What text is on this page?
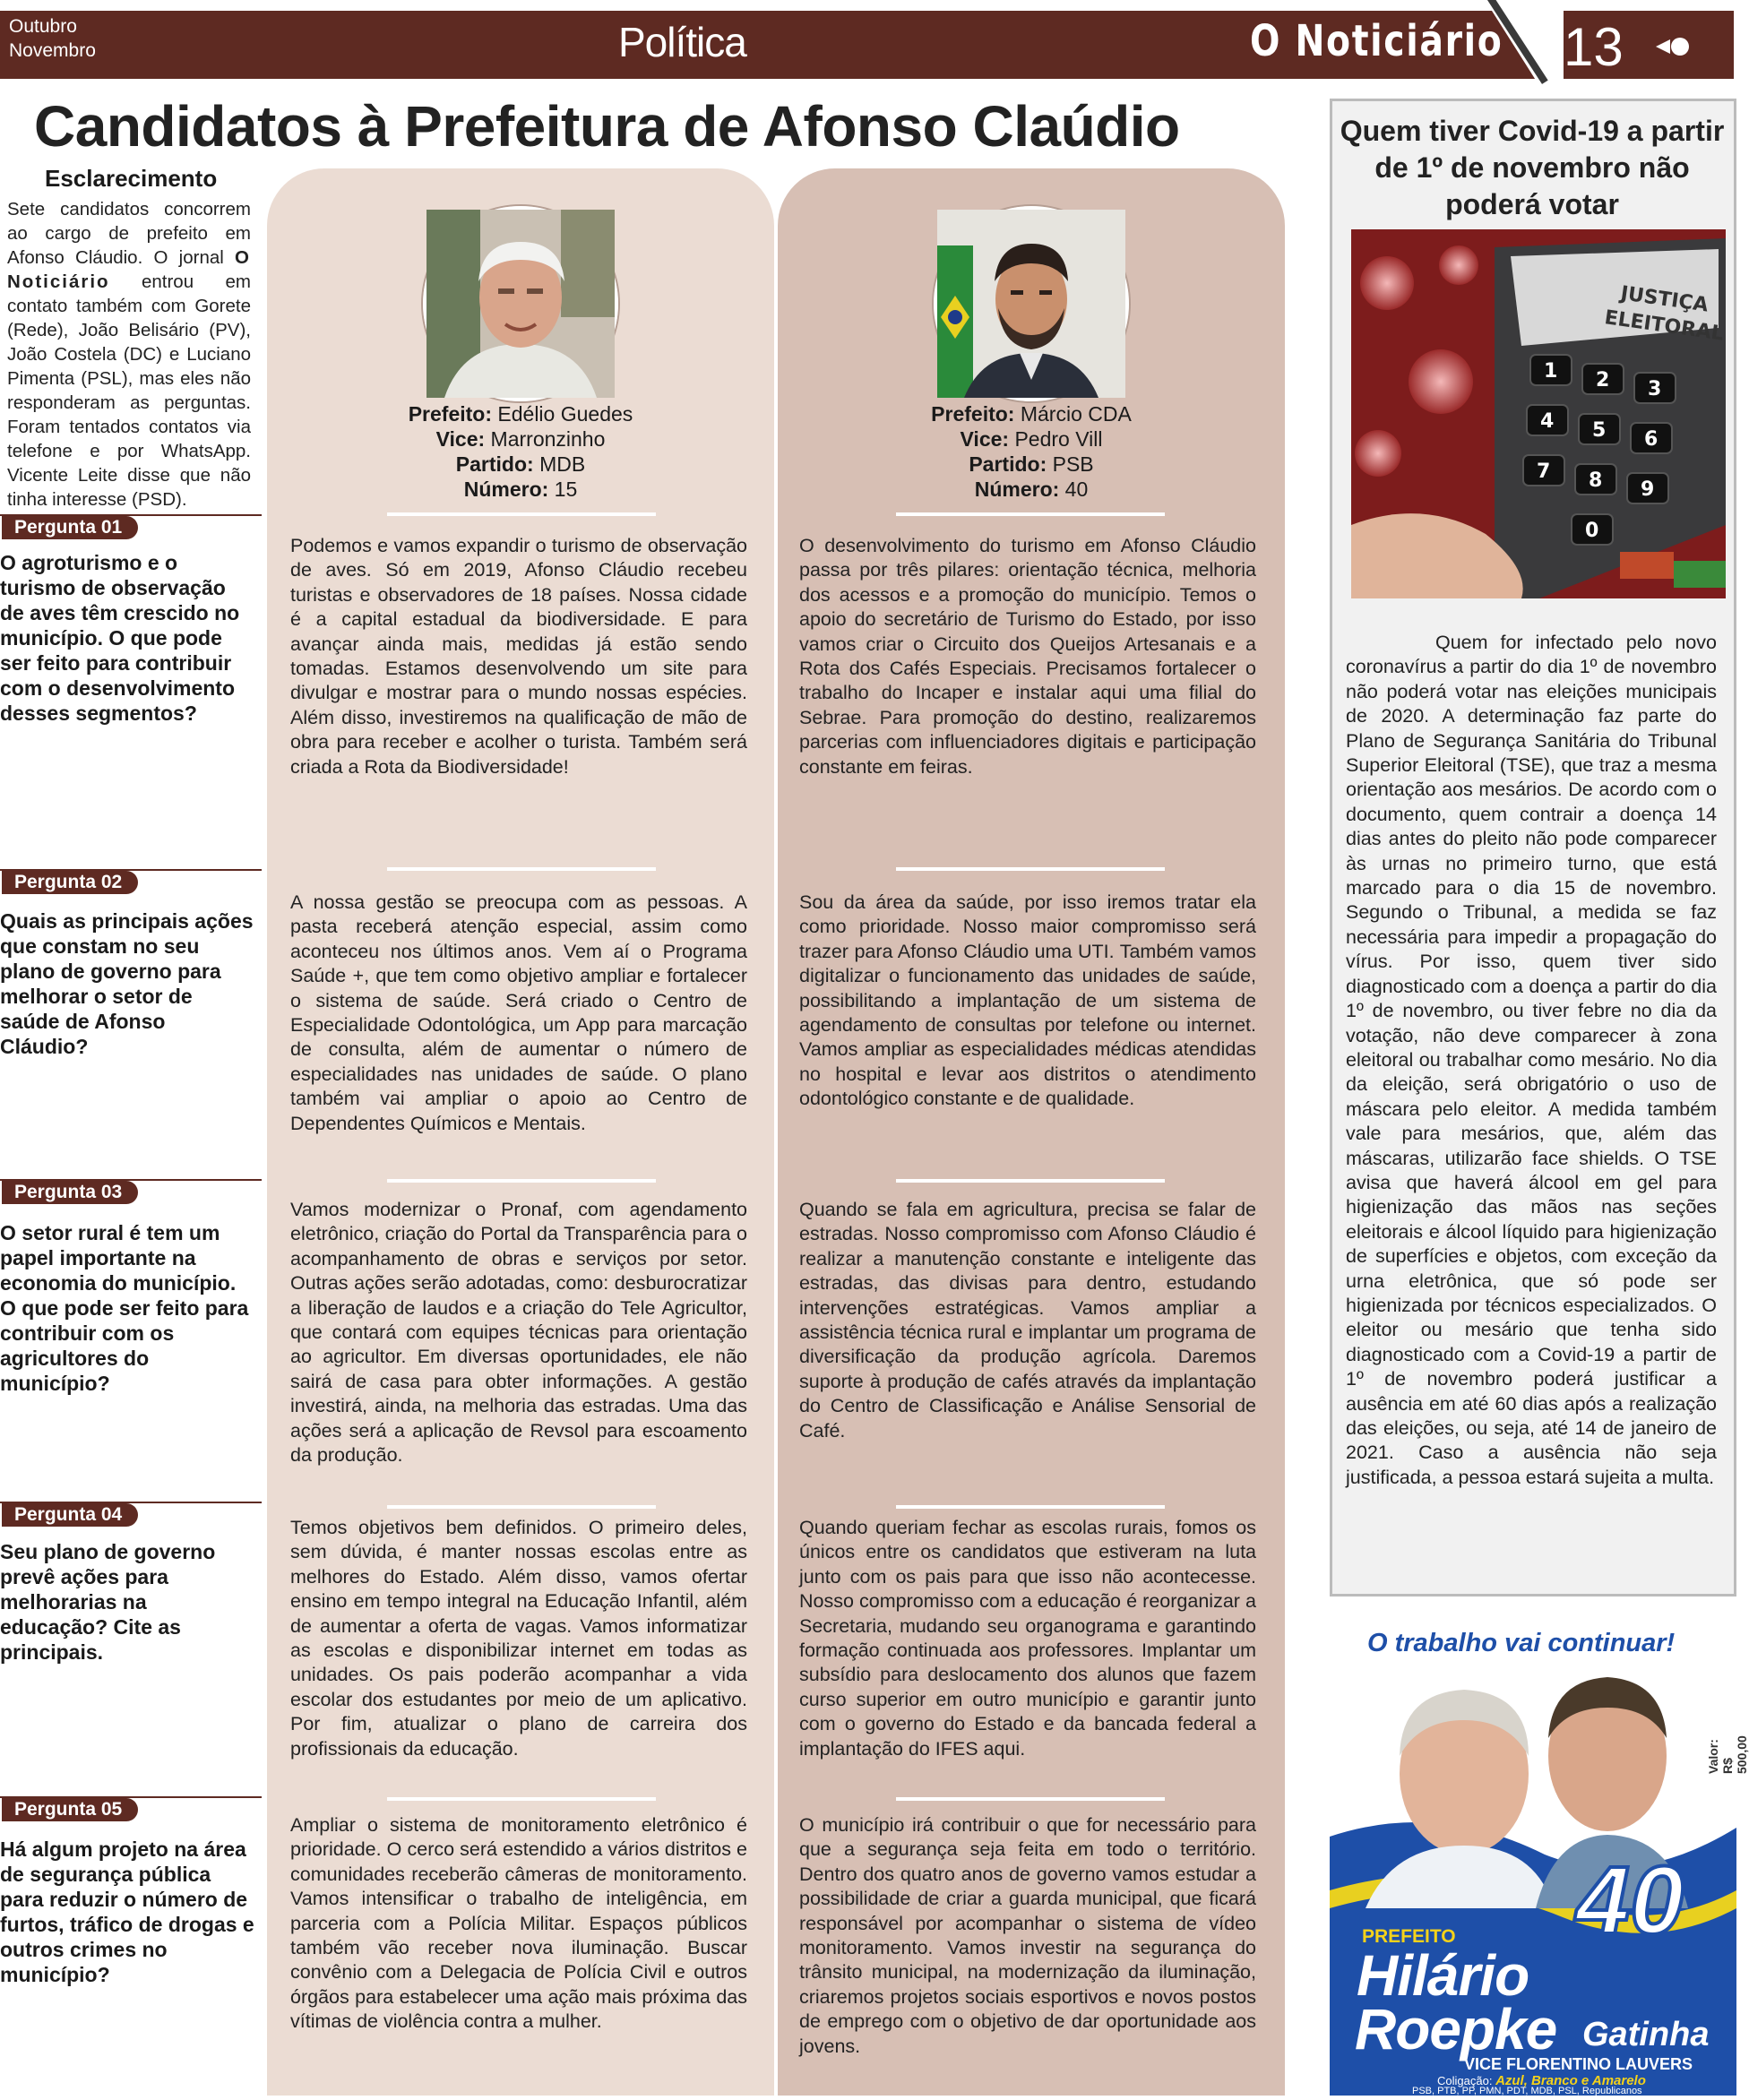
Outubro
Novembro	Política	O Noticiário 13
Candidatos à Prefeitura de Afonso Claúdio
Esclarecimento
Sete candidatos concorrem ao cargo de prefeito em Afonso Cláudio. O jornal O Noticiário entrou em contato também com Gorete (Rede), João Belisário (PV), João Costela (DC) e Luciano Pimenta (PSL), mas eles não responderam as perguntas. Foram tentados contatos via telefone e por WhatsApp. Vicente Leite disse que não tinha interesse (PSD).
Prefeito: Edélio Guedes
Vice: Marronzinho
Partido: MDB
Número: 15
Podemos e vamos expandir o turismo de observação de aves. Só em 2019, Afonso Cláudio recebeu turistas e observadores de 18 países. Nossa cidade é a capital estadual da biodiversidade. E para avançar ainda mais, medidas já estão sendo tomadas. Estamos desenvolvendo um site para divulgar e mostrar para o mundo nossas espécies. Além disso, investiremos na qualificação de mão de obra para receber e acolher o turista. Também será criada a Rota da Biodiversidade!
A nossa gestão se preocupa com as pessoas. A pasta receberá atenção especial, assim como aconteceu nos últimos anos. Vem aí o Programa Saúde +, que tem como objetivo ampliar e fortalecer o sistema de saúde. Será criado o Centro de Especialidade Odontológica, um App para marcação de consulta, além de aumentar o número de especialidades nas unidades de saúde. O plano também vai ampliar o apoio ao Centro de Dependentes Químicos e Mentais.
Vamos modernizar o Pronaf, com agendamento eletrônico, criação do Portal da Transparência para o acompanhamento de obras e serviços por setor. Outras ações serão adotadas, como: desburocratizar a liberação de laudos e a criação do Tele Agricultor, que contará com equipes técnicas para orientação ao agricultor. Em diversas oportunidades, ele não sairá de casa para obter informações. A gestão investirá, ainda, na melhoria das estradas. Uma das ações será a aplicação de Revsol para escoamento da produção.
Temos objetivos bem definidos. O primeiro deles, sem dúvida, é manter nossas escolas entre as melhores do Estado. Além disso, vamos ofertar ensino em tempo integral na Educação Infantil, além de aumentar a oferta de vagas. Vamos informatizar as escolas e disponibilizar internet em todas as unidades. Os pais poderão acompanhar a vida escolar dos estudantes por meio de um aplicativo. Por fim, atualizar o plano de carreira dos profissionais da educação.
Ampliar o sistema de monitoramento eletrônico é prioridade. O cerco será estendido a vários distritos e comunidades receberão câmeras de monitoramento. Vamos intensificar o trabalho de inteligência, em parceria com a Polícia Militar. Espaços públicos também vão receber nova iluminação. Buscar convênio com a Delegacia de Polícia Civil e outros órgãos para estabelecer uma ação mais próxima das vítimas de violência contra a mulher.
Prefeito: Márcio CDA
Vice: Pedro Vill
Partido: PSB
Número: 40
O desenvolvimento do turismo em Afonso Cláudio passa por três pilares: orientação técnica, melhoria dos acessos e a promoção do município. Temos o apoio do secretário de Turismo do Estado, por isso vamos criar o Circuito dos Queijos Artesanais e a Rota dos Cafés Especiais. Precisamos fortalecer o trabalho do Incaper e instalar aqui uma filial do Sebrae. Para promoção do destino, realizaremos parcerias com influenciadores digitais e participação constante em feiras.
Sou da área da saúde, por isso iremos tratar ela como prioridade. Nosso maior compromisso será trazer para Afonso Cláudio uma UTI. Também vamos digitalizar o funcionamento das unidades de saúde, possibilitando a implantação de um sistema de agendamento de consultas por telefone ou internet. Vamos ampliar as especialidades médicas atendidas no hospital e levar aos distritos o atendimento odontológico constante e de qualidade.
Quando se fala em agricultura, precisa se falar de estradas. Nosso compromisso com Afonso Cláudio é realizar a manutenção constante e inteligente das estradas, das divisas para dentro, estudando intervenções estratégicas. Vamos ampliar a assistência técnica rural e implantar um programa de diversificação da produção agrícola. Daremos suporte à produção de cafés através da implantação do Centro de Classificação e Análise Sensorial de Café.
Quando queriam fechar as escolas rurais, fomos os únicos entre os candidatos que estiveram na luta junto com os pais para que isso não acontecesse. Nosso compromisso com a educação é reorganizar a Secretaria, mudando seu organograma e garantindo formação continuada aos professores. Implantar um subsídio para deslocamento dos alunos que fazem curso superior em outro município e garantir junto com o governo do Estado e da bancada federal a implantação do IFES aqui.
O município irá contribuir o que for necessário para que a segurança seja feita em todo o território. Dentro dos quatro anos de governo vamos estudar a possibilidade de criar a guarda municipal, que ficará responsável por acompanhar o sistema de vídeo monitoramento. Vamos investir na segurança do trânsito municipal, na modernização da iluminação, criaremos projetos sociais esportivos e novos postos de emprego com o objetivo de dar oportunidade aos jovens.
Pergunta 01
O agroturismo e o turismo de observação de aves têm crescido no município. O que pode ser feito para contribuir com o desenvolvimento desses segmentos?
Pergunta 02
Quais as principais ações que constam no seu plano de governo para melhorar o setor de saúde de Afonso Cláudio?
Pergunta 03
O setor rural é tem um papel importante na economia do município. O que pode ser feito para contribuir com os agricultores do município?
Pergunta 04
Seu plano de governo prevê ações para melhorarias na educação? Cite as principais.
Pergunta 05
Há algum projeto na área de segurança pública para reduzir o número de furtos, tráfico de drogas e outros crimes no município?
Quem tiver Covid-19 a partir de 1º de novembro não poderá votar
JUSTIÇA
ELEITORAL
1 2 3
4 5 6
7 8 9
0
Quem for infectado pelo novo coronavírus a partir do dia 1º de novembro não poderá votar nas eleições municipais de 2020. A determinação faz parte do Plano de Segurança Sanitária do Tribunal Superior Eleitoral (TSE), que traz a mesma orientação aos mesários. De acordo com o documento, quem contrair a doença 14 dias antes do pleito não pode comparecer às urnas no primeiro turno, que está marcado para o dia 15 de novembro. Segundo o Tribunal, a medida se faz necessária para impedir a propagação do vírus. Por isso, quem tiver sido diagnosticado com a doença a partir do dia 1º de novembro, ou tiver febre no dia da votação, não deve comparecer à zona eleitoral ou trabalhar como mesário. No dia da eleição, será obrigatório o uso de máscara pelo eleitor. A medida também vale para mesários, que, além das máscaras, utilizarão face shields. O TSE avisa que haverá álcool em gel para higienização das mãos nas seções eleitorais e álcool líquido para higienização de superfícies e objetos, com exceção da urna eletrônica, que só pode ser higienizada por técnicos especializados. O eleitor ou mesário que tenha sido diagnosticado com a Covid-19 a partir de 1º de novembro poderá justificar a ausência em até 60 dias após a realização das eleições, ou seja, até 14 de janeiro de 2021. Caso a ausência não seja justificada, a pessoa estará sujeita a multa.
O trabalho vai continuar!
Valor: R$ 500,00
40
PREFEITO
Hilário
Roepke Gatinha
VICE FLORENTINO LAUVERS
Coligação: Azul, Branco e Amarelo
PSB, PTB, PP, PMN, PDT, MDB, PSL, Republicanos
